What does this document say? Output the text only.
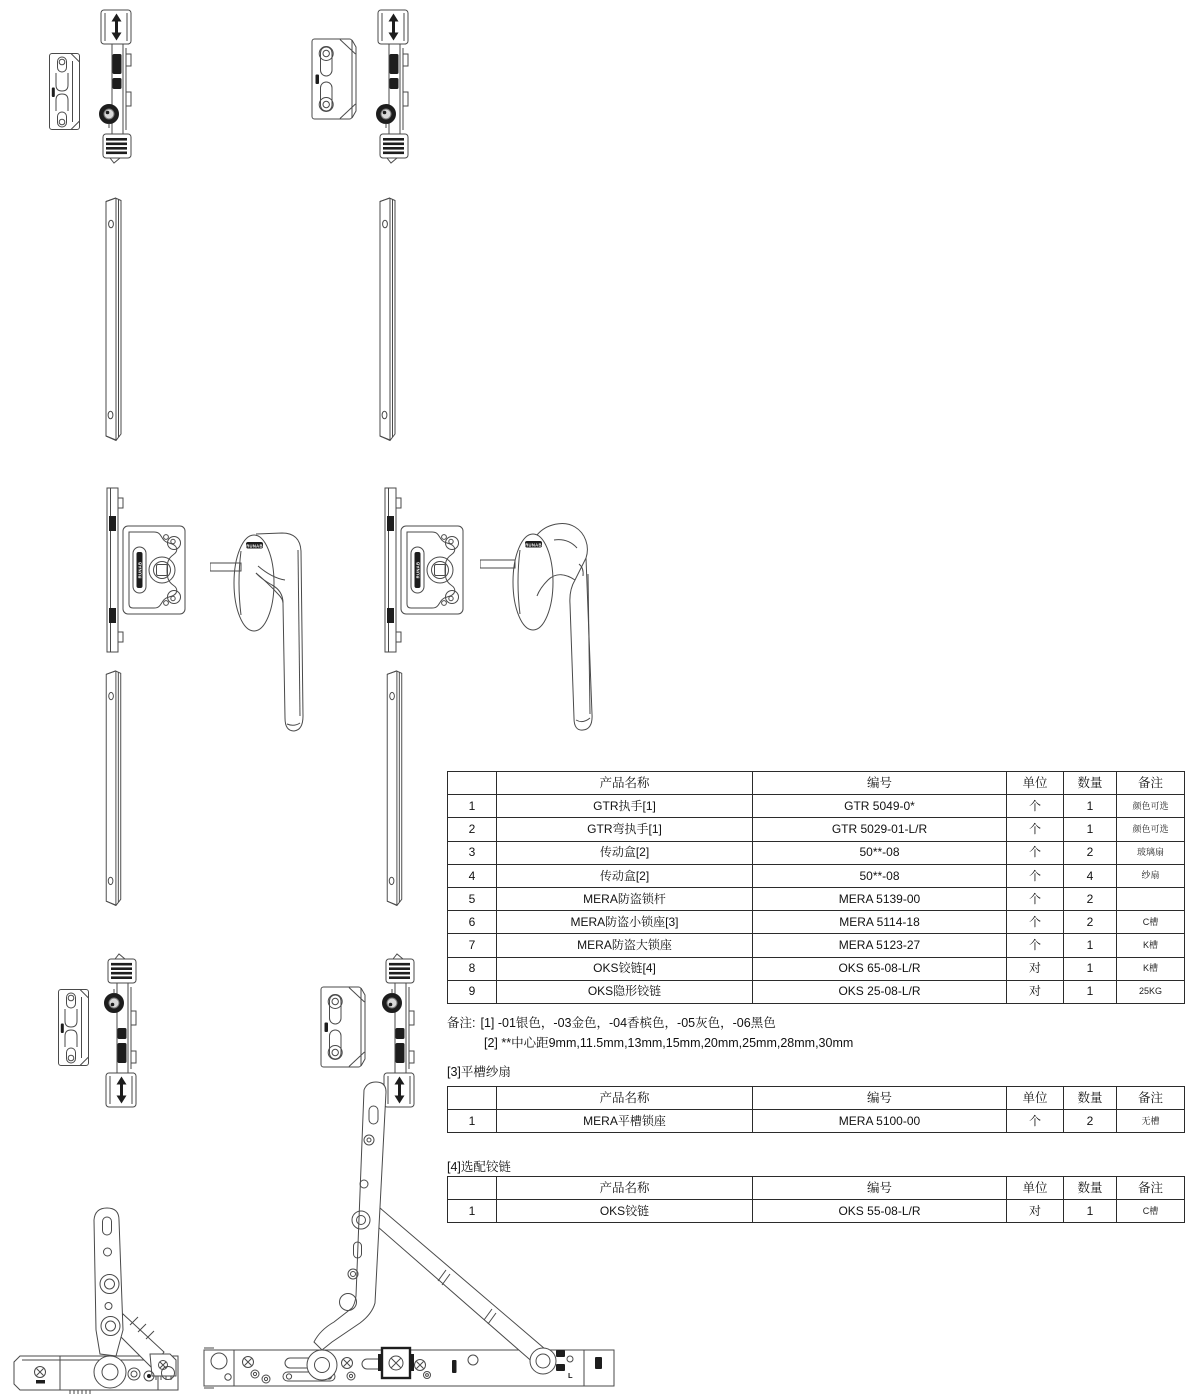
RUNAB
RUNAB
RUNAB
RUNAB
L
	产品名称	编号	单位	数量	备注
1	GTR执手[1]	GTR 5049-0*	个	1	颜色可选
2	GTR弯执手[1]	GTR 5029-01-L/R	个	1	颜色可选
3	传动盒[2]	50**-08	个	2	玻璃扇
4	传动盒[2]	50**-08	个	4	纱扇
5	MERA防盗锁杆	MERA 5139-00	个	2	
6	MERA防盗小锁座[3]	MERA 5114-18	个	2	C槽
7	MERA防盗大锁座	MERA 5123-27	个	1	K槽
8	OKS铰链[4]	OKS 65-08-L/R	对	1	K槽
9	OKS隐形铰链	OKS 25-08-L/R	对	1	25KG
备注: [1] -01银色，-03金色，-04香槟色，-05灰色，-06黑色
[2] **中心距9mm,11.5mm,13mm,15mm,20mm,25mm,28mm,30mm
[3]平槽纱扇
	产品名称	编号	单位	数量	备注
1	MERA平槽锁座	MERA 5100-00	个	2	无槽
[4]选配铰链
	产品名称	编号	单位	数量	备注
1	OKS铰链	OKS 55-08-L/R	对	1	C槽
